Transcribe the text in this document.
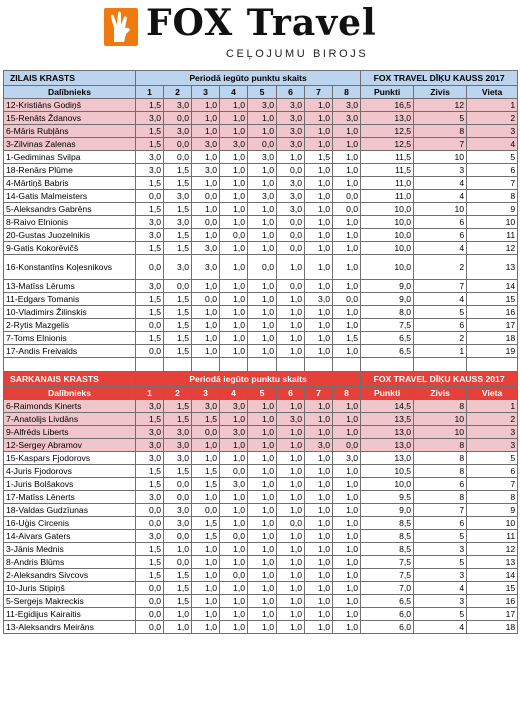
FOX Travel
CEĻOJUMU BIROJS
ZILAIS KRASTS	Periodā iegūto punktu skaits								FOX TRAVEL DĪĶU KAUSS 2017		
Dalībnieks	1	2	3	4	5	6	7	8	Punkti	Zivis	Vieta
12-Kristiāns Godiņš	1,5	3,0	1,0	1,0	3,0	3,0	1,0	3,0	16,5	12	1
15-Renāts Ždanovs	3,0	0,0	1,0	1,0	1,0	3,0	1,0	3,0	13,0	5	2
6-Māris Rubļāns	1,5	3,0	1,0	1,0	1,0	3,0	1,0	1,0	12,5	8	3
3-Zilvinas Zalenas	1,5	0,0	3,0	3,0	0,0	3,0	1,0	1,0	12,5	7	4
1-Gediminas Svilpa	3,0	0,0	1,0	1,0	3,0	1,0	1,5	1,0	11,5	10	5
18-Renārs Plūme	3,0	1,5	3,0	1,0	1,0	0,0	1,0	1,0	11,5	3	6
4-Mārtiņš Babris	1,5	1,5	1,0	1,0	1,0	3,0	1,0	1,0	11,0	4	7
14-Gatis Malmeisters	0,0	3,0	0,0	1,0	3,0	3,0	1,0	0,0	11,0	4	8
5-Aleksandrs Gabrēns	1,5	1,5	1,0	1,0	1,0	3,0	1,0	0,0	10,0	10	9
8-Raivo Elnionis	3,0	3,0	0,0	1,0	1,0	0,0	1,0	1,0	10,0	6	10
20-Gustas Juozelnikis	3,0	1,5	1,0	0,0	1,0	0,0	1,0	1,0	10,0	6	11
9-Gatis Kokorēvičš	1,5	1,5	3,0	1,0	1,0	0,0	1,0	1,0	10,0	4	12
16-Konstantīns Koļesnikovs	0,0	3,0	3,0	1,0	0,0	1,0	1,0	1,0	10,0	2	13
13-Matīss Lērums	3,0	0,0	1,0	1,0	1,0	0,0	1,0	1,0	9,0	7	14
11-Edgars Tomanis	1,5	1,5	0,0	1,0	1,0	1,0	3,0	0,0	9,0	4	15
10-Vladimirs Žilinskis	1,5	1,5	1,0	1,0	1,0	1,0	1,0	1,0	8,0	5	16
2-Rytis Mazgelis	0,0	1,5	1,0	1,0	1,0	1,0	1,0	1,0	7,5	6	17
7-Toms Elnionis	1,5	1,5	1,0	1,0	1,0	1,0	1,0	1,5	6,5	2	18
17-Andis Freivalds	0,0	1,5	1,0	1,0	1,0	1,0	1,0	1,0	6,5	1	19

SARKANAIS KRASTS	Periodā iegūto punktu skaits								FOX TRAVEL DĪĶU KAUSS 2017		
Dalībnieks	1	2	3	4	5	6	7	8	Punkti	Zivis	Vieta
6-Raimonds Kinerts	3,0	1,5	3,0	3,0	1,0	1,0	1,0	1,0	14,5	8	1
7-Anatolijs Livdāns	1,5	1,5	1,5	1,0	1,0	3,0	1,0	1,0	13,5	10	2
9-Alfrēds Liberts	3,0	3,0	0,0	3,0	1,0	1,0	1,0	1,0	13,0	10	3
12-Sergey Abramov	3,0	3,0	1,0	1,0	1,0	1,0	3,0	0,0	13,0	8	3
15-Kaspars Fjodorovs	3,0	3,0	1,0	1,0	1,0	1,0	1,0	3,0	13,0	8	5
4-Juris Fjodorovs	1,5	1,5	1,5	0,0	1,0	1,0	1,0	1,0	10,5	8	6
1-Juris Bolšakovs	1,5	0,0	1,5	3,0	1,0	1,0	1,0	1,0	10,0	6	7
17-Matīss Lēnerts	3,0	0,0	1,0	1,0	1,0	1,0	1,0	1,0	9,5	8	8
18-Valdas Gudzīunas	0,0	3,0	0,0	1,0	1,0	1,0	1,0	1,0	9,0	7	9
16-Uģis Circenis	0,0	3,0	1,5	1,0	1,0	0,0	1,0	1,0	8,5	6	10
14-Aivars Gaters	3,0	0,0	1,5	0,0	1,0	1,0	1,0	1,0	8,5	5	11
3-Jānis Mednis	1,5	1,0	1,0	1,0	1,0	1,0	1,0	1,0	8,5	3	12
8-Andris Blūms	1,5	0,0	1,0	1,0	1,0	1,0	1,0	1,0	7,5	5	13
2-Aleksandrs Sivcovs	1,5	1,5	1,0	0,0	1,0	1,0	1,0	1,0	7,5	3	14
10-Juris Stipiņš	0,0	1,5	1,0	1,0	1,0	1,0	1,0	1,0	7,0	4	15
5-Sergejs Makreckis	0,0	1,5	1,0	1,0	1,0	1,0	1,0	1,0	6,5	3	16
11-Egidijus Kairaitis	0,0	1,0	1,0	1,0	1,0	1,0	1,0	1,0	6,0	5	17
13-Aleksandrs Meirāns	0,0	1,0	1,0	1,0	1,0	1,0	1,0	1,0	6,0	4	18
